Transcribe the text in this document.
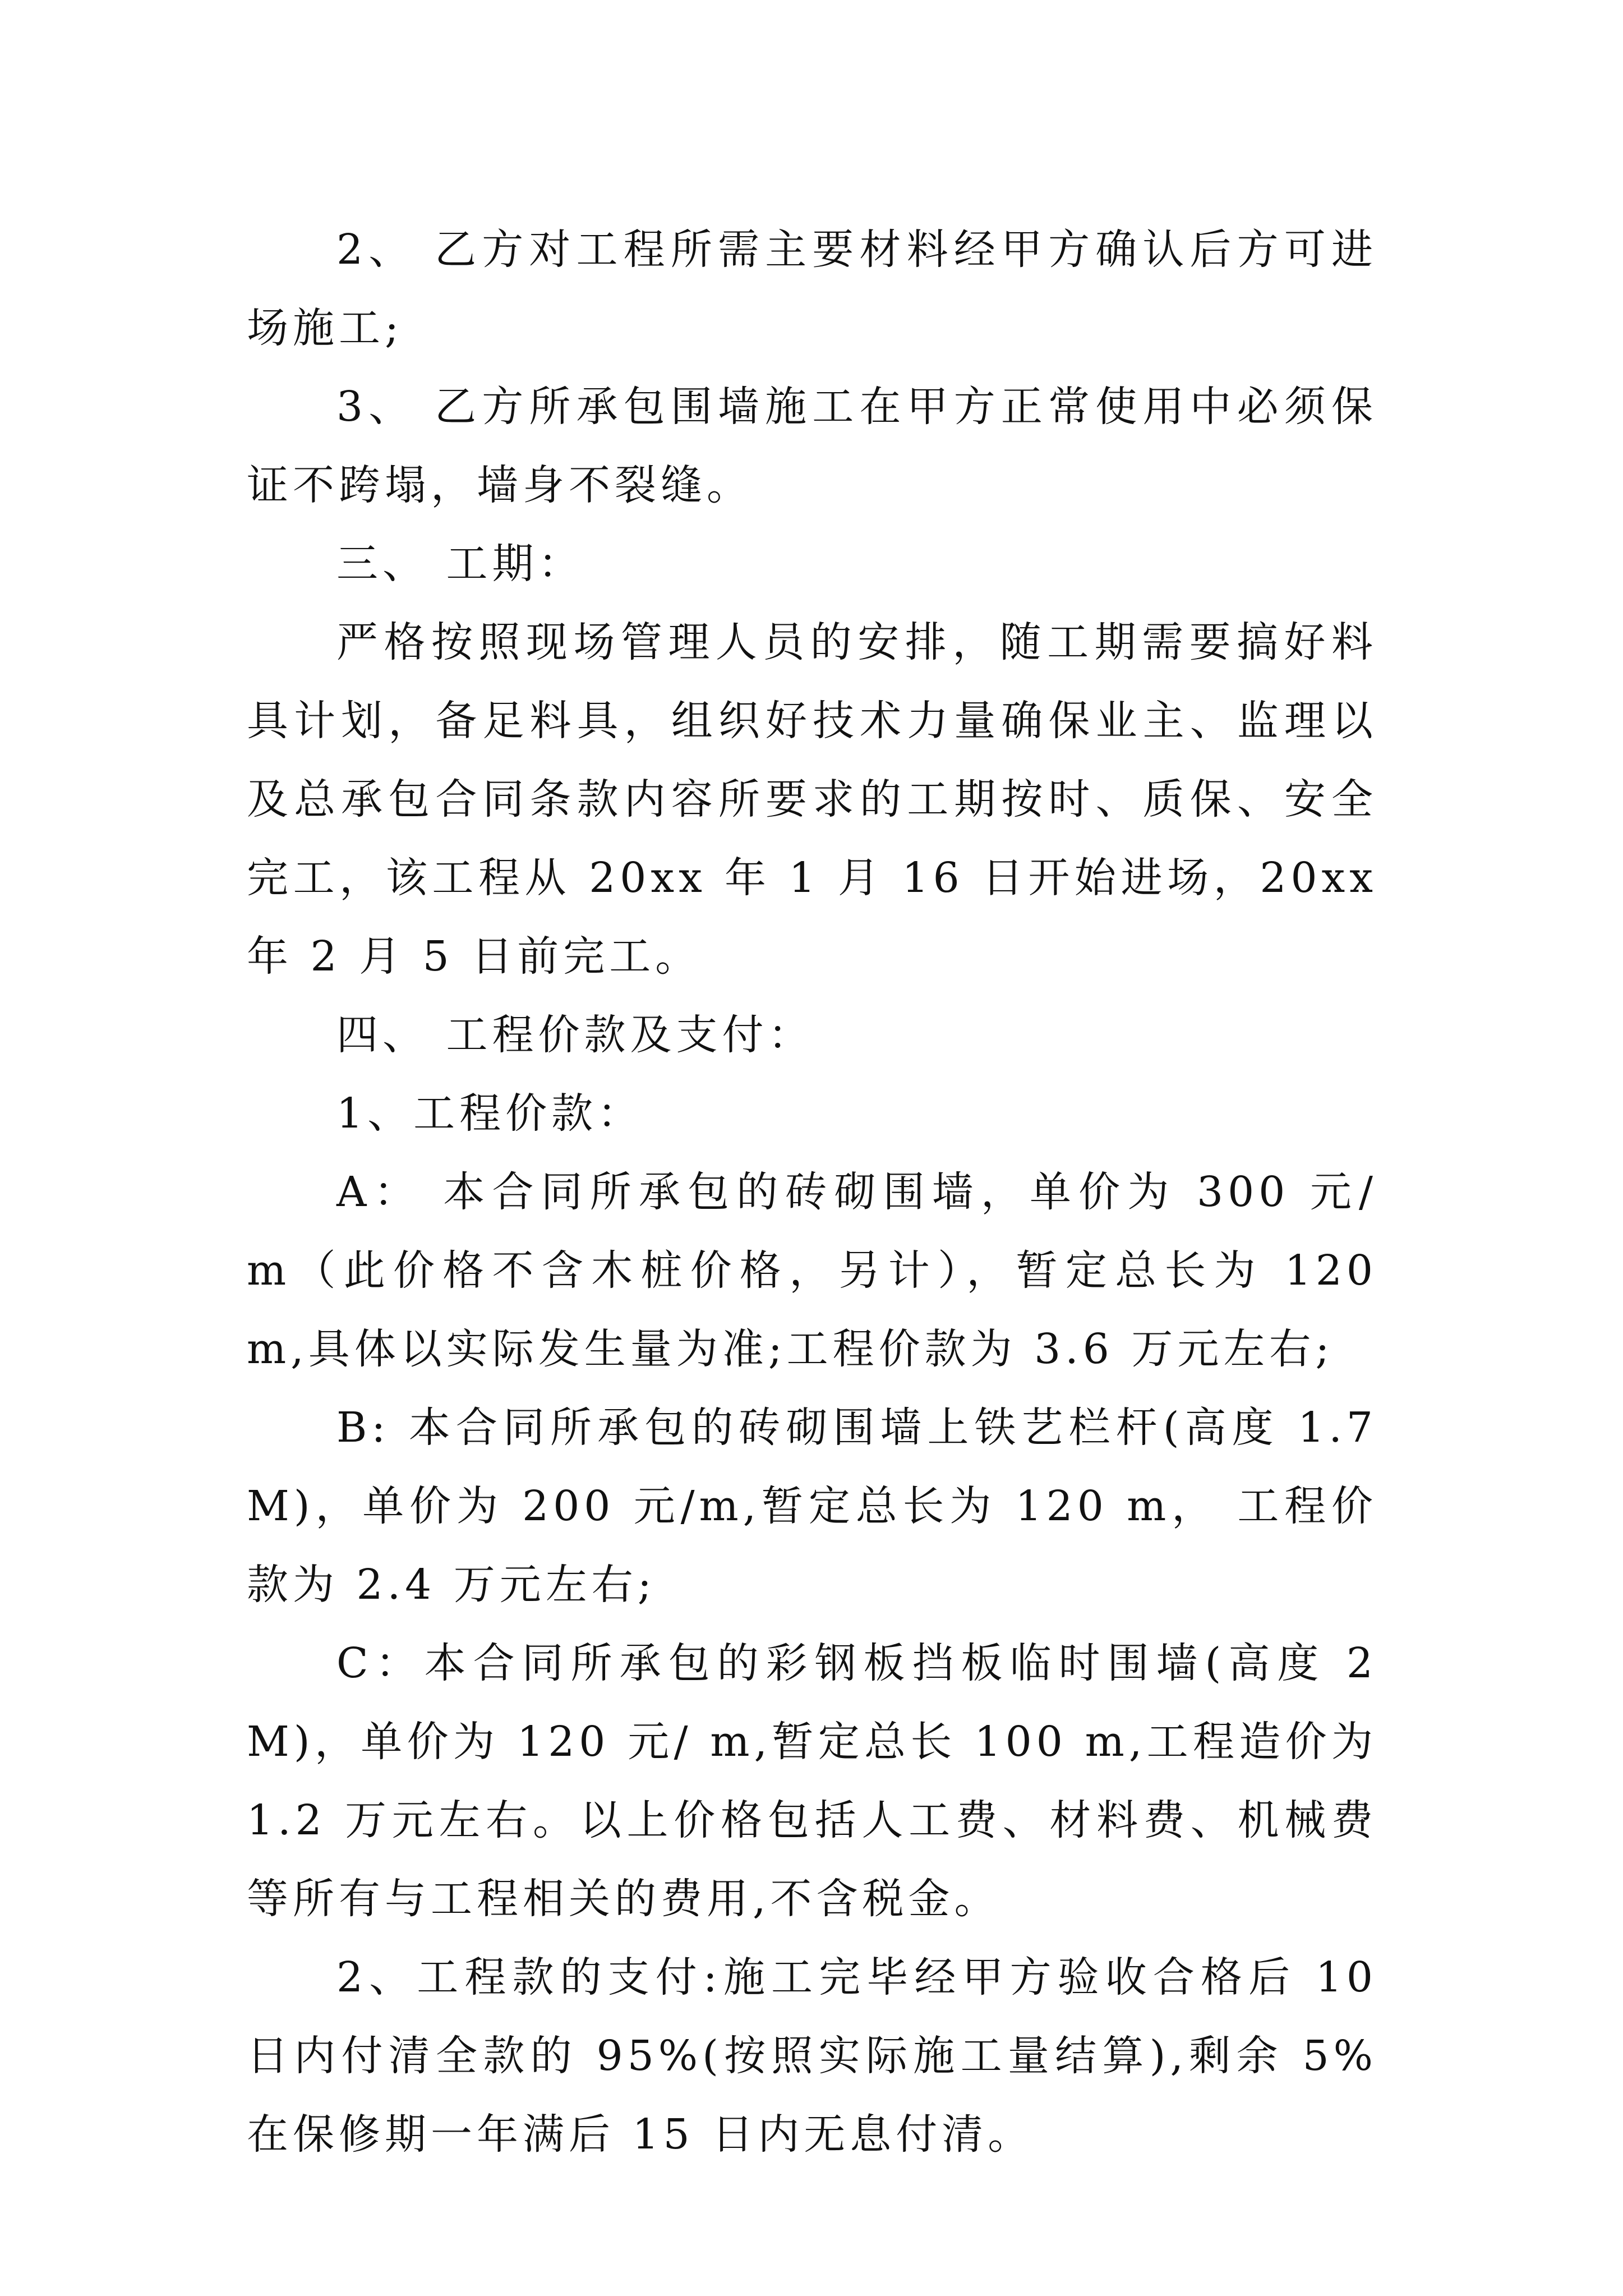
2、 乙方对工程所需主要材料经甲方确认后方可进场施工;

3、 乙方所承包围墙施工在甲方正常使用中必须保证不跨塌，墙身不裂缝。

三、 工期：

严格按照现场管理人员的安排，随工期需要搞好料具计划，备足料具，组织好技术力量确保业主、监理以及总承包合同条款内容所要求的工期按时、质保、安全完工，该工程从 20xx 年 1 月 16 日开始进场，20xx 年 2 月 5 日前完工。

四、 工程价款及支付：

1、工程价款：

A： 本合同所承包的砖砌围墙，单价为 300 元/ m（此价格不含木桩价格，另计），暂定总长为 120 m,具体以实际发生量为准;工程价款为 3.6 万元左右;

B: 本合同所承包的砖砌围墙上铁艺栏杆(高度 1.7M)，单价为 200 元/m,暂定总长为 120 m， 工程价款为 2.4 万元左右;

C：本合同所承包的彩钢板挡板临时围墙(高度 2M)，单价为 120 元/ m,暂定总长 100 m,工程造价为 1.2 万元左右。以上价格包括人工费、材料费、机械费等所有与工程相关的费用,不含税金。

2、工程款的支付:施工完毕经甲方验收合格后 10 日内付清全款的 95%(按照实际施工量结算),剩余 5%在保修期一年满后 15 日内无息付清。
